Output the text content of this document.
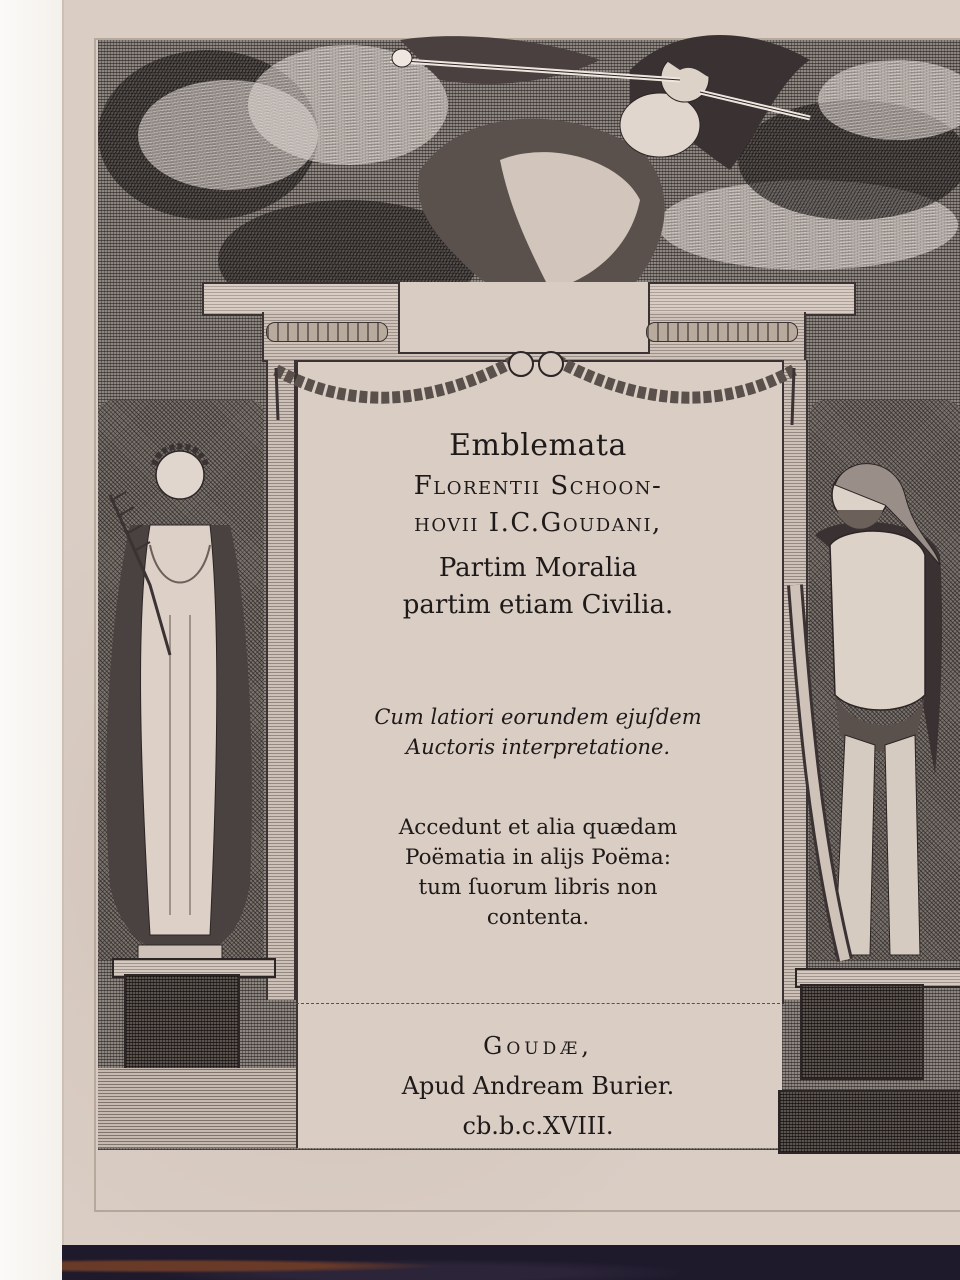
Emblemata
Florentii Schoon-
hovii I.C.Goudani,
Partim Moralia
partim etiam Civilia.
Cum latiori eorundem ejuſdem
Auctoris interpretatione.
Accedunt et alia quædam
Poëmatia in alijs Poëma:
tum ſuorum libris non
contenta.
Goudæ,
Apud Andream Burier.
cb.b.c.XVIII.
